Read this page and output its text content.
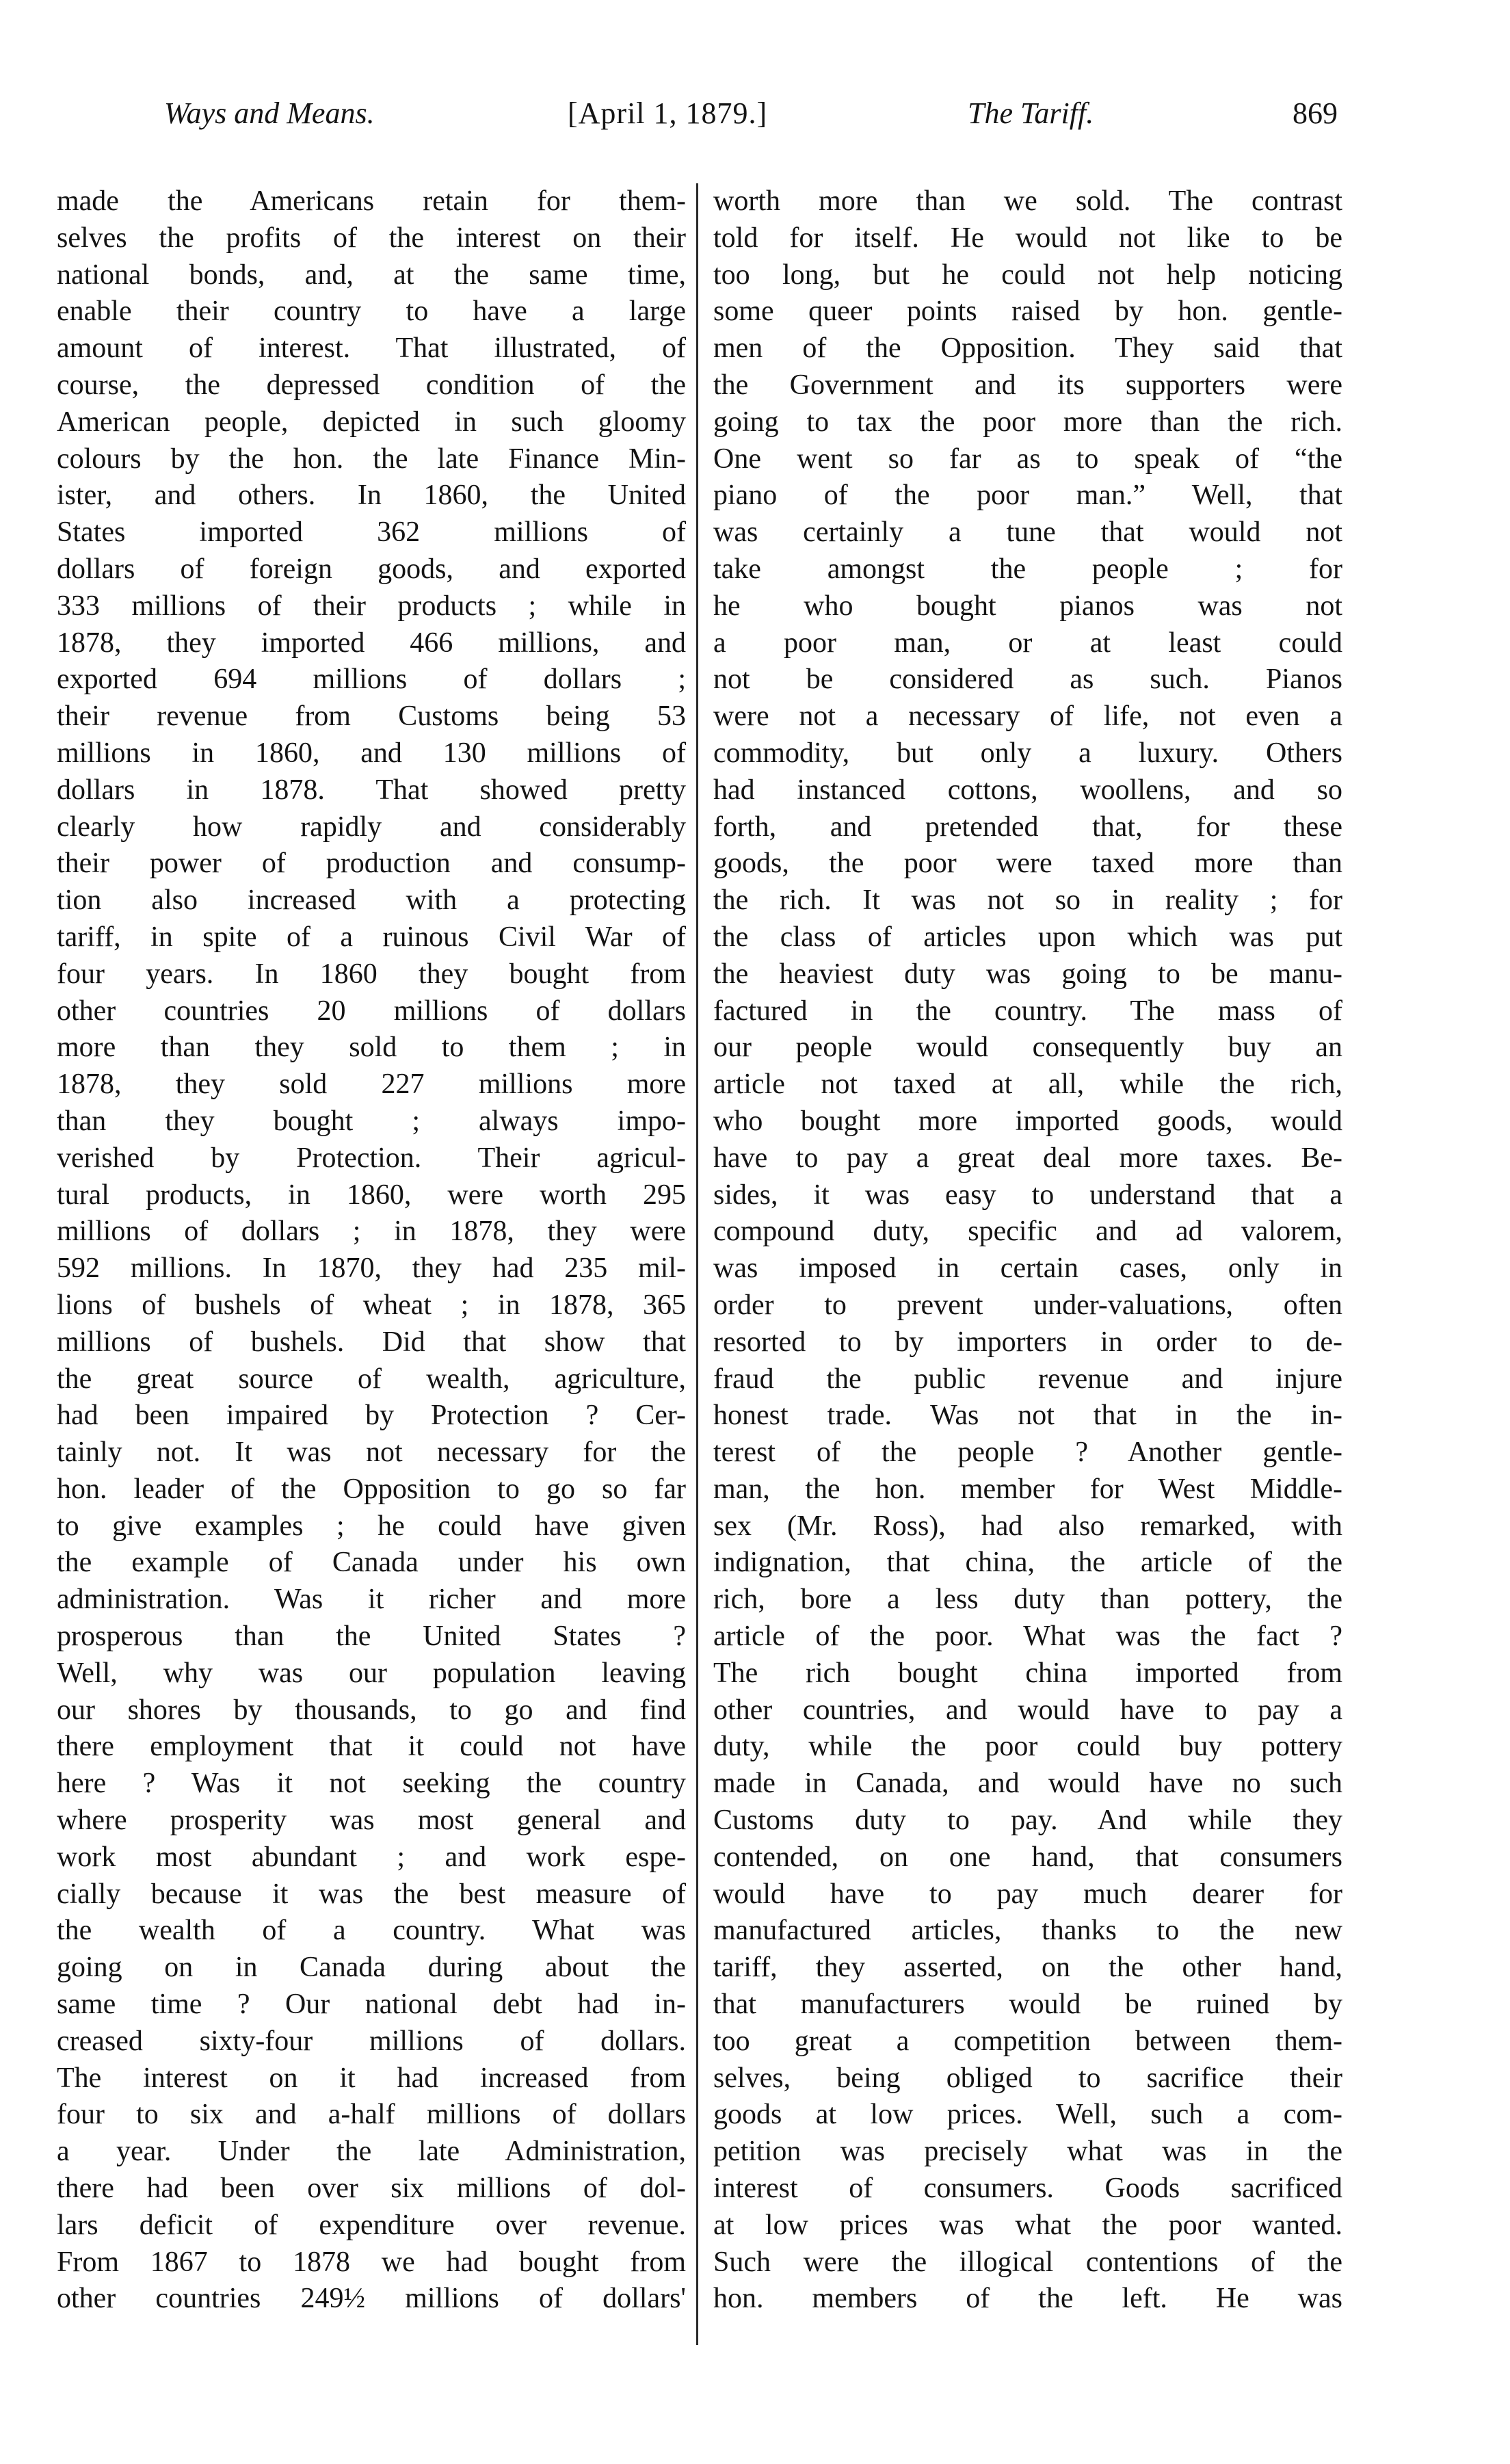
Ways and Means.	[April 1, 1879.]	The Tariff.	869
made the Americans retain for them-
selves the profits of the interest on their
national bonds, and, at the same time,
enable their country to have a large
amount of interest. That illustrated, of
course, the depressed condition of the
American people, depicted in such gloomy
colours by the hon. the late Finance Min-
ister, and others. In 1860, the United
States imported 362 millions of
dollars of foreign goods, and exported
333 millions of their products ; while in
1878, they imported 466 millions, and
exported 694 millions of dollars ;
their revenue from Customs being 53
millions in 1860, and 130 millions of
dollars in 1878. That showed pretty
clearly how rapidly and considerably
their power of production and consump-
tion also increased with a protecting
tariff, in spite of a ruinous Civil War of
four years. In 1860 they bought from
other countries 20 millions of dollars
more than they sold to them ; in
1878, they sold 227 millions more
than they bought ; always impo-
verished by Protection. Their agricul-
tural products, in 1860, were worth 295
millions of dollars ; in 1878, they were
592 millions. In 1870, they had 235 mil-
lions of bushels of wheat ; in 1878, 365
millions of bushels. Did that show that
the great source of wealth, agriculture,
had been impaired by Protection ? Cer-
tainly not. It was not necessary for the
hon. leader of the Opposition to go so far
to give examples ; he could have given
the example of Canada under his own
administration. Was it richer and more
prosperous than the United States ?
Well, why was our population leaving
our shores by thousands, to go and find
there employment that it could not have
here ? Was it not seeking the country
where prosperity was most general and
work most abundant ; and work espe-
cially because it was the best measure of
the wealth of a country. What was
going on in Canada during about the
same time ? Our national debt had in-
creased sixty-four millions of dollars.
The interest on it had increased from
four to six and a-half millions of dollars
a year. Under the late Administration,
there had been over six millions of dol-
lars deficit of expenditure over revenue.
From 1867 to 1878 we had bought from
other countries 249½ millions of dollars'
worth more than we sold. The contrast
told for itself. He would not like to be
too long, but he could not help noticing
some queer points raised by hon. gentle-
men of the Opposition. They said that
the Government and its supporters were
going to tax the poor more than the rich.
One went so far as to speak of “the
piano of the poor man.” Well, that
was certainly a tune that would not
take amongst the people ; for
he who bought pianos was not
a poor man, or at least could
not be considered as such. Pianos
were not a necessary of life, not even a
commodity, but only a luxury. Others
had instanced cottons, woollens, and so
forth, and pretended that, for these
goods, the poor were taxed more than
the rich. It was not so in reality ; for
the class of articles upon which was put
the heaviest duty was going to be manu-
factured in the country. The mass of
our people would consequently buy an
article not taxed at all, while the rich,
who bought more imported goods, would
have to pay a great deal more taxes. Be-
sides, it was easy to understand that a
compound duty, specific and ad valorem,
was imposed in certain cases, only in
order to prevent under-valuations, often
resorted to by importers in order to de-
fraud the public revenue and injure
honest trade. Was not that in the in-
terest of the people ? Another gentle-
man, the hon. member for West Middle-
sex (Mr. Ross), had also remarked, with
indignation, that china, the article of the
rich, bore a less duty than pottery, the
article of the poor. What was the fact ?
The rich bought china imported from
other countries, and would have to pay a
duty, while the poor could buy pottery
made in Canada, and would have no such
Customs duty to pay. And while they
contended, on one hand, that consumers
would have to pay much dearer for
manufactured articles, thanks to the new
tariff, they asserted, on the other hand,
that manufacturers would be ruined by
too great a competition between them-
selves, being obliged to sacrifice their
goods at low prices. Well, such a com-
petition was precisely what was in the
interest of consumers. Goods sacrificed
at low prices was what the poor wanted.
Such were the illogical contentions of the
hon. members of the left. He was
